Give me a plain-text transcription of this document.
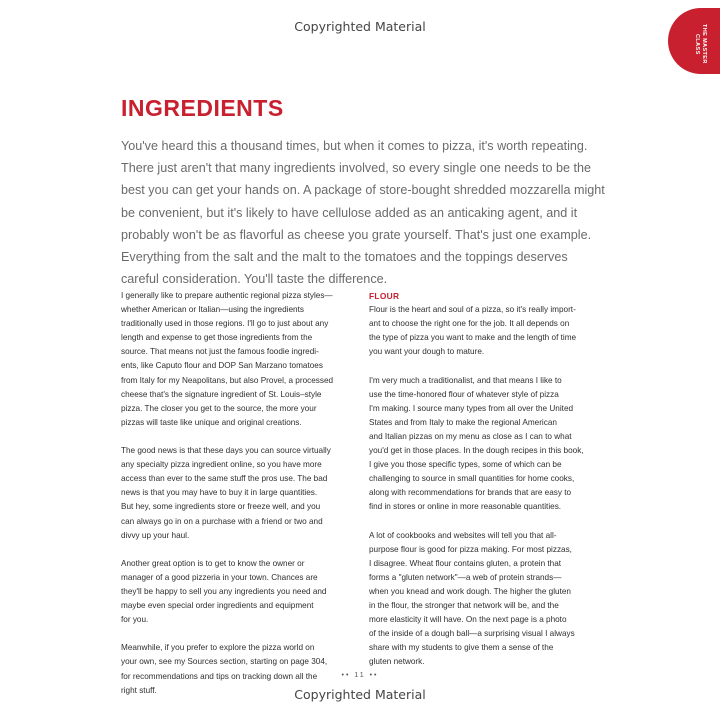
Copyrighted Material	THE MASTER
CLASS
INGREDIENTS
You've heard this a thousand times, but when it comes to pizza, it's worth repeating.
There just aren't that many ingredients involved, so every single one needs to be the
best you can get your hands on. A package of store-bought shredded mozzarella might
be convenient, but it's likely to have cellulose added as an anticaking agent, and it
probably won't be as flavorful as cheese you grate yourself. That's just one example.
Everything from the salt and the malt to the tomatoes and the toppings deserves
careful consideration. You'll taste the difference.
I generally like to prepare authentic regional pizza styles—
whether American or Italian—using the ingredients
traditionally used in those regions. I'll go to just about any
length and expense to get those ingredients from the
source. That means not just the famous foodie ingredi-
ents, like Caputo flour and DOP San Marzano tomatoes
from Italy for my Neapolitans, but also Provel, a processed
cheese that's the signature ingredient of St. Louis–style
pizza. The closer you get to the source, the more your
pizzas will taste like unique and original creations.
The good news is that these days you can source virtually
any specialty pizza ingredient online, so you have more
access than ever to the same stuff the pros use. The bad
news is that you may have to buy it in large quantities.
But hey, some ingredients store or freeze well, and you
can always go in on a purchase with a friend or two and
divvy up your haul.
Another great option is to get to know the owner or
manager of a good pizzeria in your town. Chances are
they'll be happy to sell you any ingredients you need and
maybe even special order ingredients and equipment
for you.
Meanwhile, if you prefer to explore the pizza world on
your own, see my Sources section, starting on page 304,
for recommendations and tips on tracking down all the
right stuff.
FLOUR
Flour is the heart and soul of a pizza, so it's really import-
ant to choose the right one for the job. It all depends on
the type of pizza you want to make and the length of time
you want your dough to mature.
I'm very much a traditionalist, and that means I like to
use the time-honored flour of whatever style of pizza
I'm making. I source many types from all over the United
States and from Italy to make the regional American
and Italian pizzas on my menu as close as I can to what
you'd get in those places. In the dough recipes in this book,
I give you those specific types, some of which can be
challenging to source in small quantities for home cooks,
along with recommendations for brands that are easy to
find in stores or online in more reasonable quantities.
A lot of cookbooks and websites will tell you that all-
purpose flour is good for pizza making. For most pizzas,
I disagree. Wheat flour contains gluten, a protein that
forms a "gluten network"—a web of protein strands—
when you knead and work dough. The higher the gluten
in the flour, the stronger that network will be, and the
more elasticity it will have. On the next page is a photo
of the inside of a dough ball—a surprising visual I always
share with my students to give them a sense of the
gluten network.
•• 11 ••
Copyrighted Material
